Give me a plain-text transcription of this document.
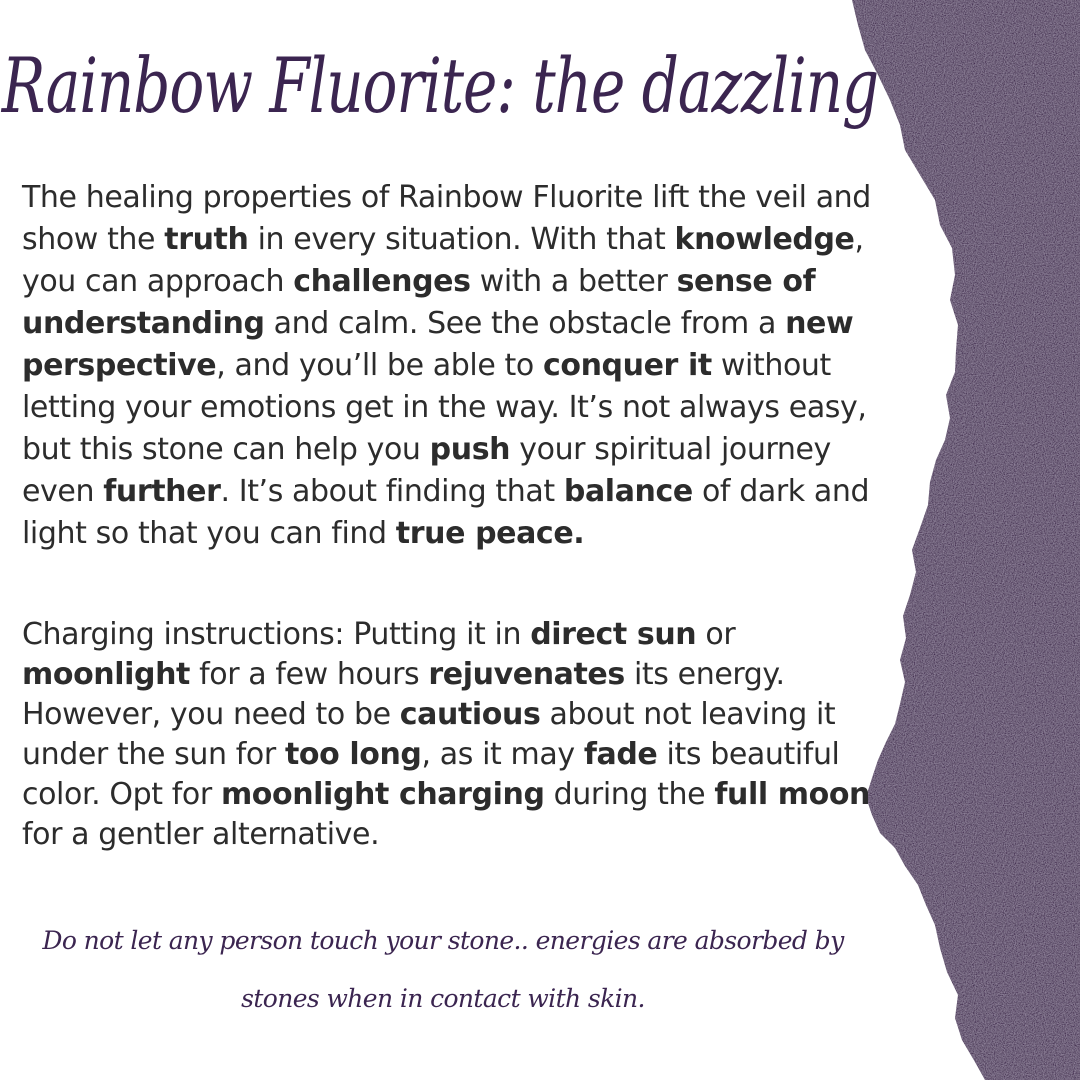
Rainbow Fluorite: the dazzling
The healing properties of Rainbow Fluorite lift the veil and show the truth in every situation. With that knowledge, you can approach challenges with a better sense of understanding and calm. See the obstacle from a new perspective, and you’ll be able to conquer it without letting your emotions get in the way. It’s not always easy, but this stone can help you push your spiritual journey even further. It’s about finding that balance of dark and light so that you can find true peace.
Charging instructions: Putting it in direct sun or moonlight for a few hours rejuvenates its energy. However, you need to be cautious about not leaving it under the sun for too long, as it may fade its beautiful color. Opt for moonlight charging during the full moon for a gentler alternative.
Do not let any person touch your stone.. energies are absorbed by stones when in contact with skin.
